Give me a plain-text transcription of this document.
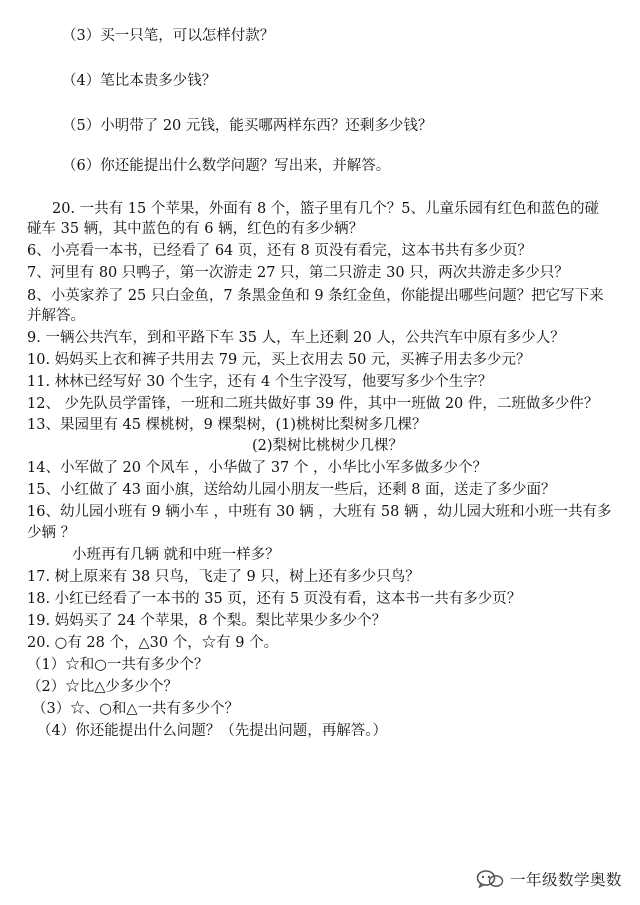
（3）买一只笔，可以怎样付款？
（4）笔比本贵多少钱？
（5）小明带了 20 元钱，能买哪两样东西？还剩多少钱？
（6）你还能提出什么数学问题？写出来，并解答。
20. 一共有 15 个苹果，外面有 8 个，篮子里有几个？5、儿童乐园有红色和蓝色的碰
碰车 35 辆，其中蓝色的有 6 辆，红色的有多少辆？
6、小亮看一本书，已经看了 64 页，还有 8 页没有看完，这本书共有多少页？
7、河里有 80 只鸭子，第一次游走 27 只，第二只游走 30 只，两次共游走多少只？
8、小英家养了 25 只白金鱼，7 条黑金鱼和 9 条红金鱼，你能提出哪些问题？把它写下来
并解答。
9. 一辆公共汽车，到和平路下车 35 人，车上还剩 20 人，公共汽车中原有多少人？
10. 妈妈买上衣和裤子共用去 79 元，买上衣用去 50 元，买裤子用去多少元？
11. 林林已经写好 30 个生字，还有 4 个生字没写，他要写多少个生字？
12、 少先队员学雷锋，一班和二班共做好事 39 件，其中一班做 20 件，二班做多少件？
13、果园里有 45 棵桃树，9 棵梨树，(1)桃树比梨树多几棵？
(2)梨树比桃树少几棵？
14、小军做了 20 个风车 ，小华做了 37 个 ，小华比小军多做多少个？
15、小红做了 43 面小旗，送给幼儿园小朋友一些后，还剩 8 面，送走了多少面？
16、幼儿园小班有 9 辆小车 ，中班有 30 辆 ，大班有 58 辆 ，幼儿园大班和小班一共有多
少辆 ？
小班再有几辆 就和中班一样多？
17. 树上原来有 38 只鸟，飞走了 9 只，树上还有多少只鸟？
18. 小红已经看了一本书的 35 页，还有 5 页没有看，这本书一共有多少页？
19. 妈妈买了 24 个苹果，8 个梨。梨比苹果少多少个？
20. ○有 28 个，△30 个，☆有 9 个。
（1）☆和○一共有多少个？
（2）☆比△少多少个？
（3）☆、○和△一共有多少个？
（4）你还能提出什么问题？（先提出问题，再解答。）
一年级数学奥数
